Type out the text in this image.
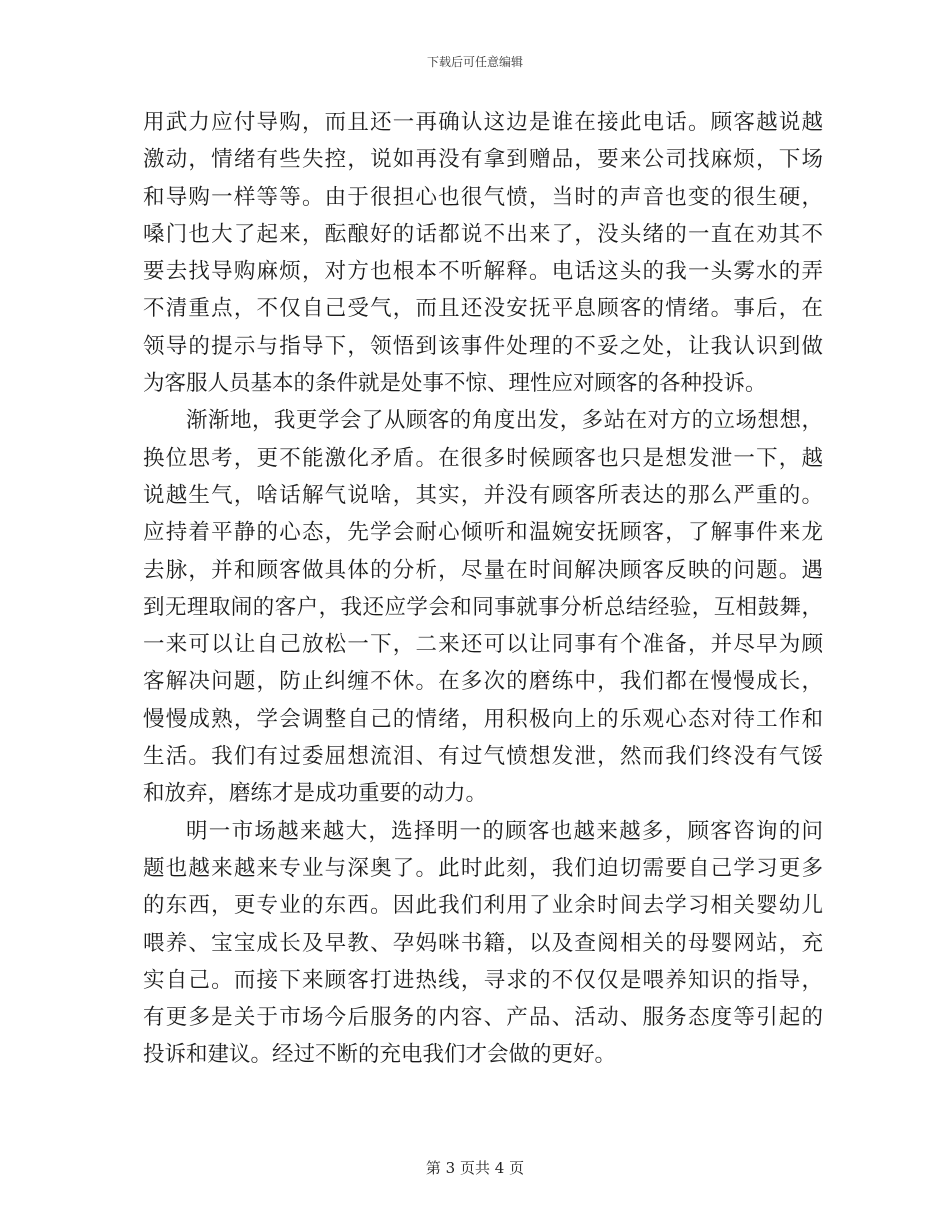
下载后可任意编辑
用武力应付导购，而且还一再确认这边是谁在接此电话。顾客越说越
激动，情绪有些失控，说如再没有拿到赠品，要来公司找麻烦，下场
和导购一样等等。由于很担心也很气愤，当时的声音也变的很生硬，
嗓门也大了起来，酝酿好的话都说不出来了，没头绪的一直在劝其不
要去找导购麻烦，对方也根本不听解释。电话这头的我一头雾水的弄
不清重点，不仅自己受气，而且还没安抚平息顾客的情绪。事后，在
领导的提示与指导下，领悟到该事件处理的不妥之处，让我认识到做
为客服人员基本的条件就是处事不惊、理性应对顾客的各种投诉。
渐渐地，我更学会了从顾客的角度出发，多站在对方的立场想想，
换位思考，更不能激化矛盾。在很多时候顾客也只是想发泄一下，越
说越生气，啥话解气说啥，其实，并没有顾客所表达的那么严重的。
应持着平静的心态，先学会耐心倾听和温婉安抚顾客，了解事件来龙
去脉，并和顾客做具体的分析，尽量在时间解决顾客反映的问题。遇
到无理取闹的客户，我还应学会和同事就事分析总结经验，互相鼓舞，
一来可以让自己放松一下，二来还可以让同事有个准备，并尽早为顾
客解决问题，防止纠缠不休。在多次的磨练中，我们都在慢慢成长，
慢慢成熟，学会调整自己的情绪，用积极向上的乐观心态对待工作和
生活。我们有过委屈想流泪、有过气愤想发泄，然而我们终没有气馁
和放弃，磨练才是成功重要的动力。
明一市场越来越大，选择明一的顾客也越来越多，顾客咨询的问
题也越来越来专业与深奥了。此时此刻，我们迫切需要自己学习更多
的东西，更专业的东西。因此我们利用了业余时间去学习相关婴幼儿
喂养、宝宝成长及早教、孕妈咪书籍，以及查阅相关的母婴网站，充
实自己。而接下来顾客打进热线，寻求的不仅仅是喂养知识的指导，
有更多是关于市场今后服务的内容、产品、活动、服务态度等引起的
投诉和建议。经过不断的充电我们才会做的更好。
第 3 页共 4 页
